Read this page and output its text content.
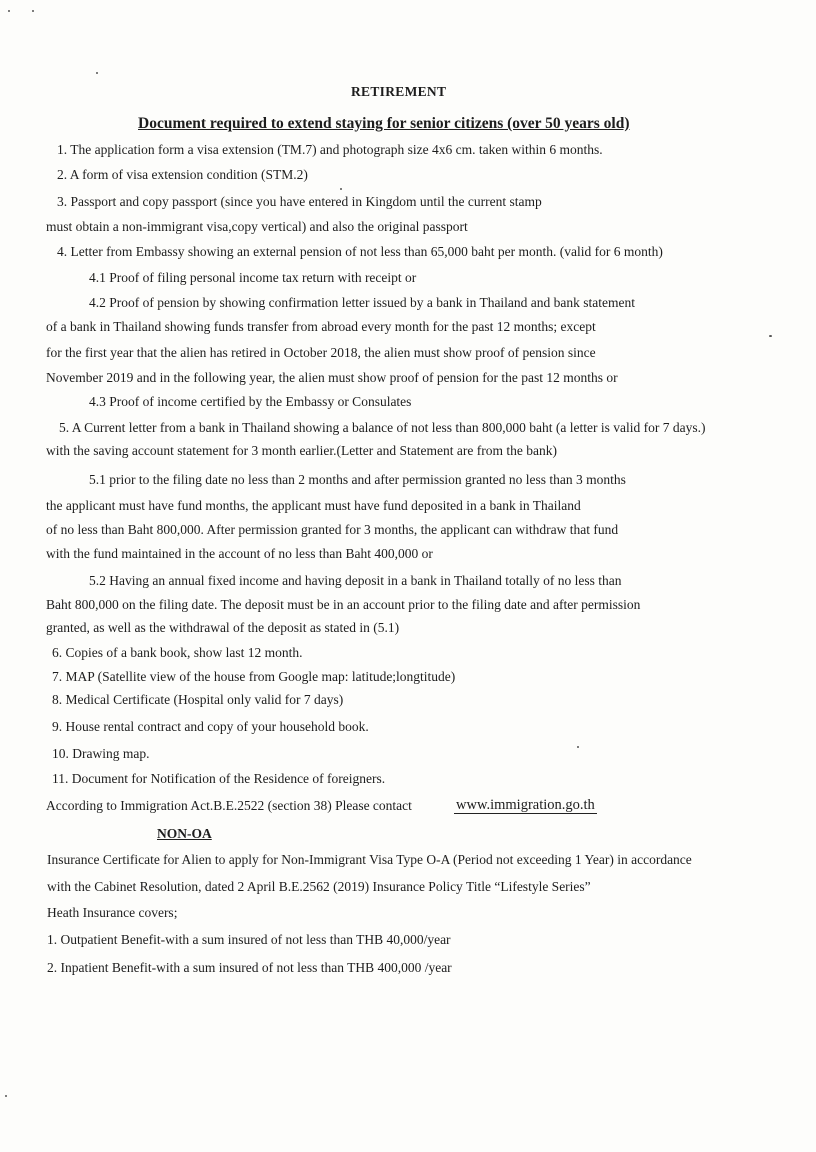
RETIREMENT
Document required to extend staying for senior citizens (over 50 years old)
1. The application form a visa extension (TM.7) and photograph size 4x6 cm. taken within 6 months.
2. A form of visa extension condition (STM.2)
3. Passport and copy passport (since you have entered in Kingdom until the current stamp
must obtain a non-immigrant visa,copy vertical) and also the original passport
4. Letter from Embassy showing an external pension of not less than 65,000 baht per month. (valid for 6 month)
4.1 Proof of filing personal income tax return with receipt or
4.2 Proof of pension by showing confirmation letter issued by a bank in Thailand and bank statement
of a bank in Thailand showing funds transfer from abroad every month for the past 12 months; except
for the first year that the alien has retired in October 2018, the alien must show proof of pension since
November 2019 and in the following year, the alien must show proof of pension for the past 12 months or
4.3 Proof of income certified by the Embassy or Consulates
5. A Current letter from a bank in Thailand showing a balance of not less than 800,000 baht (a letter is valid for 7 days.)
with the saving account statement for 3 month earlier.(Letter and Statement are from the bank)
5.1 prior to the filing date no less than 2 months and after permission granted no less than 3 months
the applicant must have fund months, the applicant must have fund deposited in a bank in Thailand
of no less than Baht 800,000. After permission granted for 3 months, the applicant can withdraw that fund
with the fund maintained in the account of no less than Baht 400,000 or
5.2 Having an annual fixed income and having deposit in a bank in Thailand totally of no less than
Baht 800,000 on the filing date. The deposit must be in an account prior to the filing date and after permission
granted, as well as the withdrawal of the deposit as stated in (5.1)
6. Copies of a bank book, show last 12 month.
7. MAP (Satellite view of the house from Google map: latitude;longtitude)
8. Medical Certificate (Hospital only valid for 7 days)
9. House rental contract and copy of your household book.
10. Drawing map.
11. Document for Notification of the Residence of foreigners.
According to Immigration Act.B.E.2522 (section 38) Please contact	www.immigration.go.th
NON-OA
Insurance Certificate for Alien to apply for Non-Immigrant Visa Type O-A (Period not exceeding 1 Year) in accordance
with the Cabinet Resolution, dated 2 April B.E.2562 (2019) Insurance Policy Title “Lifestyle Series”
Heath Insurance covers;
1. Outpatient Benefit-with a sum insured of not less than THB 40,000/year
2. Inpatient Benefit-with a sum insured of not less than THB 400,000 /year
